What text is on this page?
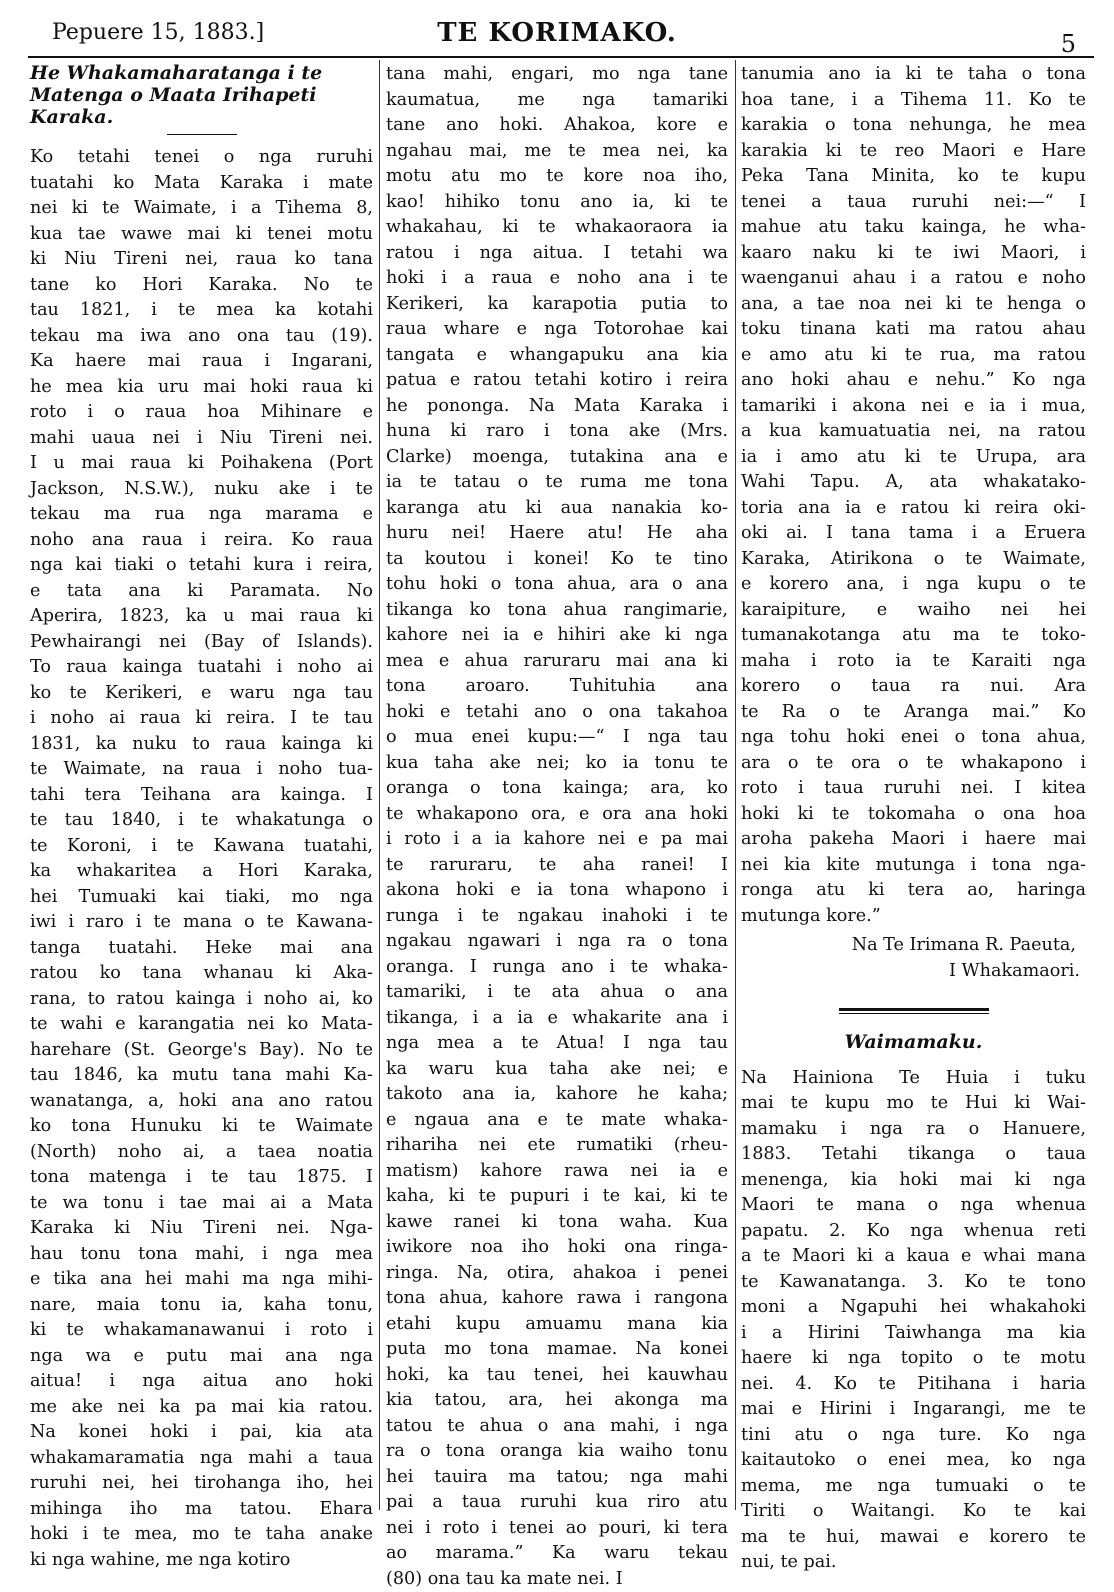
Pepuere 15, 1883.]	TE KORIMAKO.	5
He Whakamaharatanga i te Matenga o Maata Irihapeti Karaka.
Ko tetahi tenei o nga ruruhi
tuatahi ko Mata Karaka i mate
nei ki te Waimate, i a Tihema 8,
kua tae wawe mai ki tenei motu
ki Niu Tireni nei, raua ko tana
tane ko Hori Karaka. No te
tau 1821, i te mea ka kotahi
tekau ma iwa ano ona tau (19).
Ka haere mai raua i Ingarani,
he mea kia uru mai hoki raua ki
roto i o raua hoa Mihinare e
mahi uaua nei i Niu Tireni nei.
I u mai raua ki Poihakena (Port
Jackson, N.S.W.), nuku ake i te
tekau ma rua nga marama e
noho ana raua i reira. Ko raua
nga kai tiaki o tetahi kura i reira,
e tata ana ki Paramata. No
Aperira, 1823, ka u mai raua ki
Pewhairangi nei (Bay of Islands).
To raua kainga tuatahi i noho ai
ko te Kerikeri, e waru nga tau
i noho ai raua ki reira. I te tau
1831, ka nuku to raua kainga ki
te Waimate, na raua i noho tua-
tahi tera Teihana ara kainga. I
te tau 1840, i te whakatunga o
te Koroni, i te Kawana tuatahi,
ka whakaritea a Hori Karaka,
hei Tumuaki kai tiaki, mo nga
iwi i raro i te mana o te Kawana-
tanga tuatahi. Heke mai ana
ratou ko tana whanau ki Aka-
rana, to ratou kainga i noho ai, ko
te wahi e karangatia nei ko Mata-
harehare (St. George's Bay). No te
tau 1846, ka mutu tana mahi Ka-
wanatanga, a, hoki ana ano ratou
ko tona Hunuku ki te Waimate
(North) noho ai, a taea noatia
tona matenga i te tau 1875. I
te wa tonu i tae mai ai a Mata
Karaka ki Niu Tireni nei. Nga-
hau tonu tona mahi, i nga mea
e tika ana hei mahi ma nga mihi-
nare, maia tonu ia, kaha tonu,
ki te whakamanawanui i roto i
nga wa e putu mai ana nga
aitua! i nga aitua ano hoki
me ake nei ka pa mai kia ratou.
Na konei hoki i pai, kia ata
whakamaramatia nga mahi a taua
ruruhi nei, hei tirohanga iho, hei
mihinga iho ma tatou. Ehara
hoki i te mea, mo te taha anake
ki nga wahine, me nga kotiro
tana mahi, engari, mo nga tane
kaumatua, me nga tamariki
tane ano hoki. Ahakoa, kore e
ngahau mai, me te mea nei, ka
motu atu mo te kore noa iho,
kao! hihiko tonu ano ia, ki te
whakahau, ki te whakaoraora ia
ratou i nga aitua. I tetahi wa
hoki i a raua e noho ana i te
Kerikeri, ka karapotia putia to
raua whare e nga Totorohae kai
tangata e whangapuku ana kia
patua e ratou tetahi kotiro i reira
he pononga. Na Mata Karaka i
huna ki raro i tona ake (Mrs.
Clarke) moenga, tutakina ana e
ia te tatau o te ruma me tona
karanga atu ki aua nanakia ko-
huru nei! Haere atu! He aha
ta koutou i konei! Ko te tino
tohu hoki o tona ahua, ara o ana
tikanga ko tona ahua rangimarie,
kahore nei ia e hihiri ake ki nga
mea e ahua raruraru mai ana ki
tona aroaro. Tuhituhia ana
hoki e tetahi ano o ona takahoa
o mua enei kupu:—“ I nga tau
kua taha ake nei; ko ia tonu te
oranga o tona kainga; ara, ko
te whakapono ora, e ora ana hoki
i roto i a ia kahore nei e pa mai
te raruraru, te aha ranei! I
akona hoki e ia tona whapono i
runga i te ngakau inahoki i te
ngakau ngawari i nga ra o tona
oranga. I runga ano i te whaka-
tamariki, i te ata ahua o ana
tikanga, i a ia e whakarite ana i
nga mea a te Atua! I nga tau
ka waru kua taha ake nei; e
takoto ana ia, kahore he kaha;
e ngaua ana e te mate whaka-
rihariha nei ete rumatiki (rheu-
matism) kahore rawa nei ia e
kaha, ki te pupuri i te kai, ki te
kawe ranei ki tona waha. Kua
iwikore noa iho hoki ona ringa-
ringa. Na, otira, ahakoa i penei
tona ahua, kahore rawa i rangona
etahi kupu amuamu mana kia
puta mo tona mamae. Na konei
hoki, ka tau tenei, hei kauwhau
kia tatou, ara, hei akonga ma
tatou te ahua o ana mahi, i nga
ra o tona oranga kia waiho tonu
hei tauira ma tatou; nga mahi
pai a taua ruruhi kua riro atu
nei i roto i tenei ao pouri, ki tera
ao marama.” Ka waru tekau
(80) ona tau ka mate nei. I
tanumia ano ia ki te taha o tona
hoa tane, i a Tihema 11. Ko te
karakia o tona nehunga, he mea
karakia ki te reo Maori e Hare
Peka Tana Minita, ko te kupu
tenei a taua ruruhi nei:—“ I
mahue atu taku kainga, he wha-
kaaro naku ki te iwi Maori, i
waenganui ahau i a ratou e noho
ana, a tae noa nei ki te henga o
toku tinana kati ma ratou ahau
e amo atu ki te rua, ma ratou
ano hoki ahau e nehu.” Ko nga
tamariki i akona nei e ia i mua,
a kua kamuatuatia nei, na ratou
ia i amo atu ki te Urupa, ara
Wahi Tapu. A, ata whakatako-
toria ana ia e ratou ki reira oki-
oki ai. I tana tama i a Eruera
Karaka, Atirikona o te Waimate,
e korero ana, i nga kupu o te
karaipiture, e waiho nei hei
tumanakotanga atu ma te toko-
maha i roto ia te Karaiti nga
korero o taua ra nui. Ara
te Ra o te Aranga mai.” Ko
nga tohu hoki enei o tona ahua,
ara o te ora o te whakapono i
roto i taua ruruhi nei. I kitea
hoki ki te tokomaha o ona hoa
aroha pakeha Maori i haere mai
nei kia kite mutunga i tona nga-
ronga atu ki tera ao, haringa
mutunga kore.”
Na Te Irimana R. Paeuta,
I Whakamaori.
Waimamaku.
Na Hainiona Te Huia i tuku
mai te kupu mo te Hui ki Wai-
mamaku i nga ra o Hanuere,
1883. Tetahi tikanga o taua
menenga, kia hoki mai ki nga
Maori te mana o nga whenua
papatu. 2. Ko nga whenua reti
a te Maori ki a kaua e whai mana
te Kawanatanga. 3. Ko te tono
moni a Ngapuhi hei whakahoki
i a Hirini Taiwhanga ma kia
haere ki nga topito o te motu
nei. 4. Ko te Pitihana i haria
mai e Hirini i Ingarangi, me te
tini atu o nga ture. Ko nga
kaitautoko o enei mea, ko nga
mema, me nga tumuaki o te
Tiriti o Waitangi. Ko te kai
ma te hui, mawai e korero te
nui, te pai.
